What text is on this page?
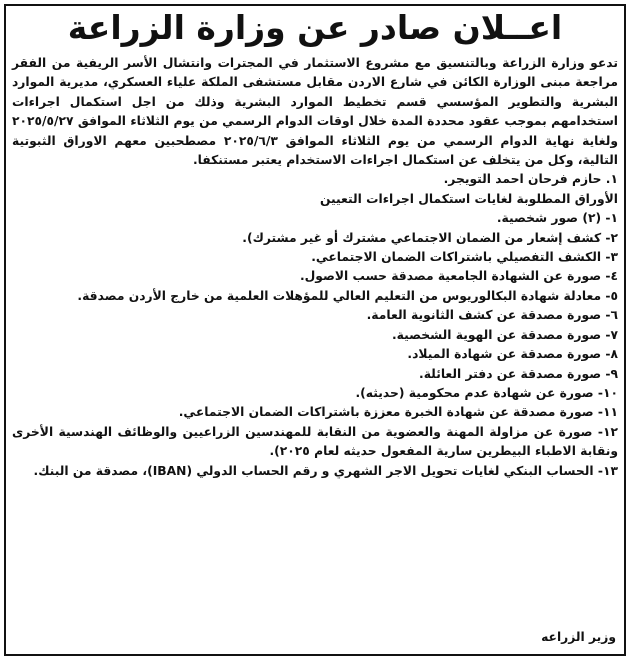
اعــلان صادر عن وزارة الزراعة

تدعو وزارة الزراعة وبالتنسيق مع مشروع الاستثمار في المجترات وانتشال الأسر الريفية من الفقر مراجعة مبنى الوزارة الكائن في شارع الاردن مقابل مستشفى الملكة علياء العسكري، مديرية الموارد البشرية والتطوير المؤسسي قسم تخطيط الموارد البشرية وذلك من اجل استكمال اجراءات استخدامهم بموجب عقود محددة المدة خلال اوقات الدوام الرسمي من يوم الثلاثاء الموافق ٢٠٢٥/٥/٢٧ ولغاية نهاية الدوام الرسمي من يوم الثلاثاء الموافق ٢٠٢٥/٦/٣ مصطحبين معهم الاوراق الثبوتية التالية، وكل من يتخلف عن استكمال اجراءات الاستخدام يعتبر مستنكفا.

١. حازم فرحان احمد التويجر.

الأوراق المطلوبة لغايات استكمال اجراءات التعيين

١- (٢) صور شخصية.

٢- كشف إشعار من الضمان الاجتماعي مشترك أو غير مشترك).

٣- الكشف التفصيلي باشتراكات الضمان الاجتماعي.

٤- صورة عن الشهادة الجامعية مصدقة حسب الاصول.

٥- معادلة شهادة البكالوريوس من التعليم العالي للمؤهلات العلمية من خارج الأردن مصدقة.

٦- صورة مصدقة عن كشف الثانوية العامة.

٧- صورة مصدقة عن الهوية الشخصية.

٨- صورة مصدقة عن شهادة الميلاد.

٩- صورة مصدقة عن دفتر العائلة.

١٠- صورة عن شهادة عدم محكومية (حديثه).

١١- صورة مصدقة عن شهادة الخبرة معززة باشتراكات الضمان الاجتماعي.

١٢- صورة عن مزاولة المهنة والعضوية من النقابة للمهندسين الزراعيين والوظائف الهندسية الأخرى ونقابة الاطباء البيطرين سارية المفعول حديثه لعام ٢٠٢٥).

١٣- الحساب البنكي لغايات تحويل الاجر الشهري و رقم الحساب الدولي (IBAN)، مصدقة من البنك.

وزير الزراعه
